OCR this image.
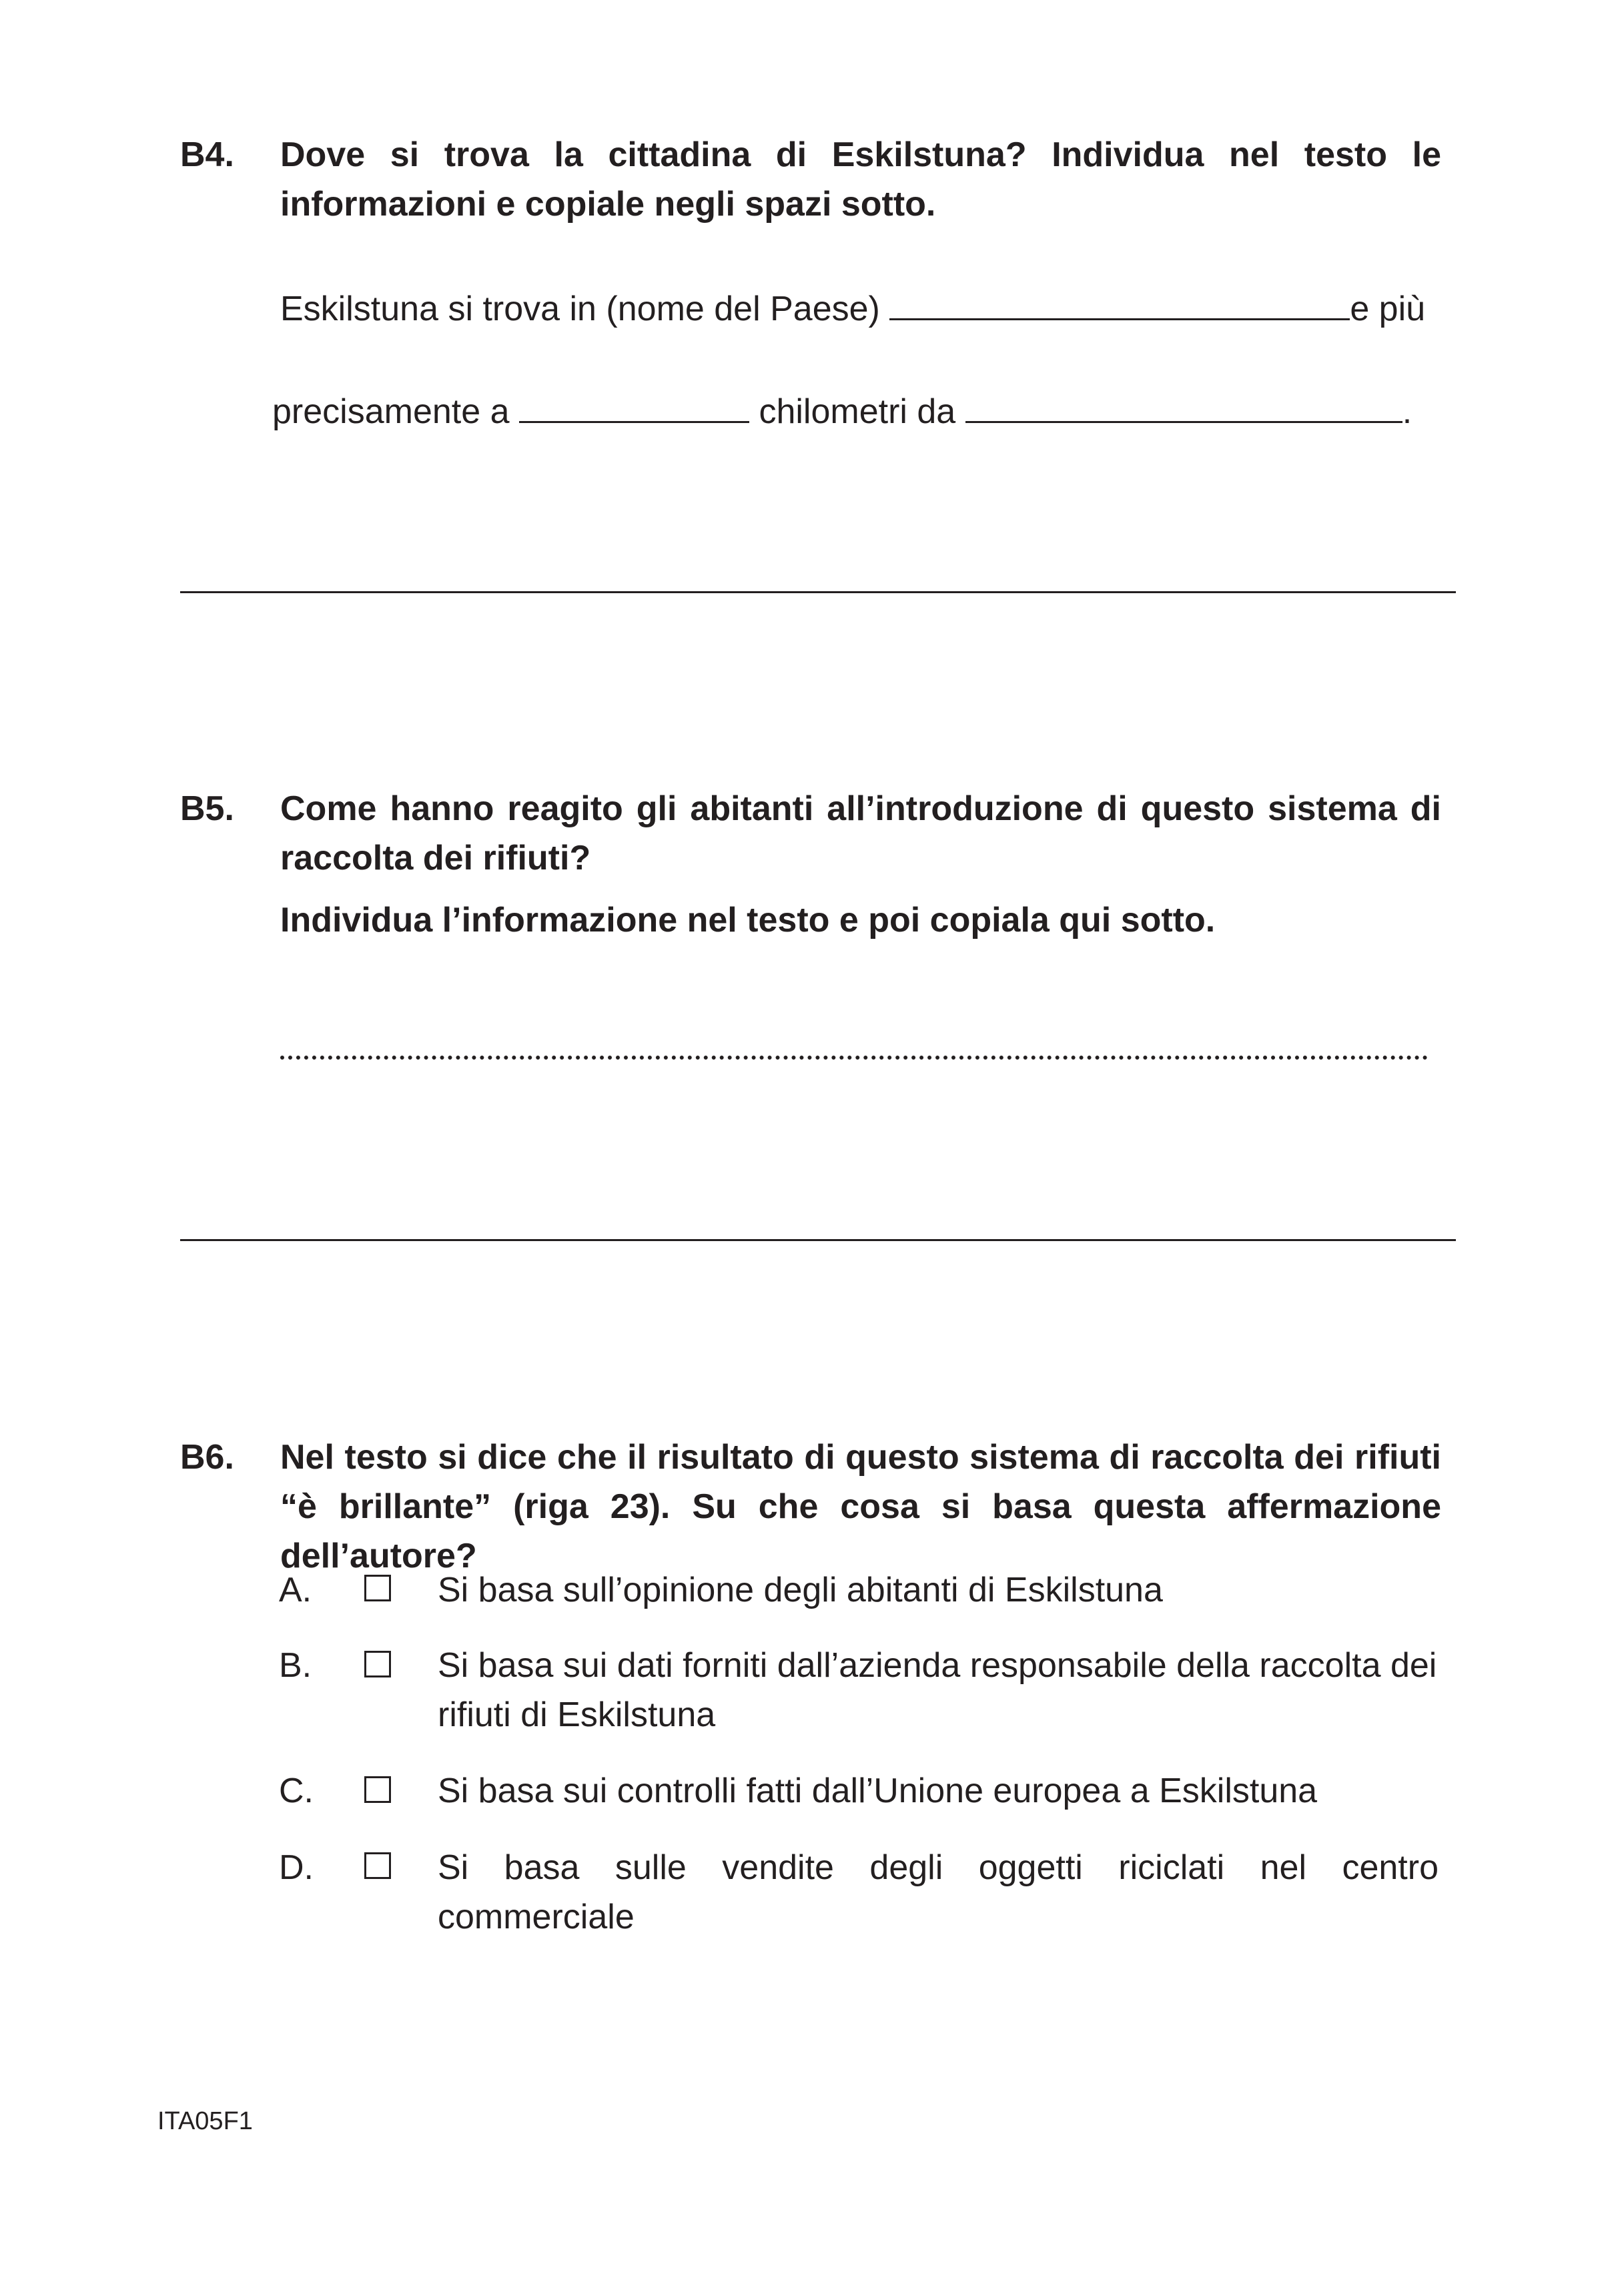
B4. Dove si trova la cittadina di Eskilstuna? Individua nel testo le informazioni e copiale negli spazi sotto.
Eskilstuna si trova in (nome del Paese)	e più
precisamente a	chilometri da	.
B5. Come hanno reagito gli abitanti all’introduzione di questo sistema di raccolta dei rifiuti?
Individua l’informazione nel testo e poi copiala qui sotto.
B6. Nel testo si dice che il risultato di questo sistema di raccolta dei rifiuti “è brillante” (riga 23). Su che cosa si basa questa affermazione dell’autore?
A.	Si basa sull’opinione degli abitanti di Eskilstuna
B.	Si basa sui dati forniti dall’azienda responsabile della raccolta dei rifiuti di Eskilstuna
C.	Si basa sui controlli fatti dall’Unione europea a Eskilstuna
D.	Si basa sulle vendite degli oggetti riciclati nel centro
commerciale
ITA05F1
